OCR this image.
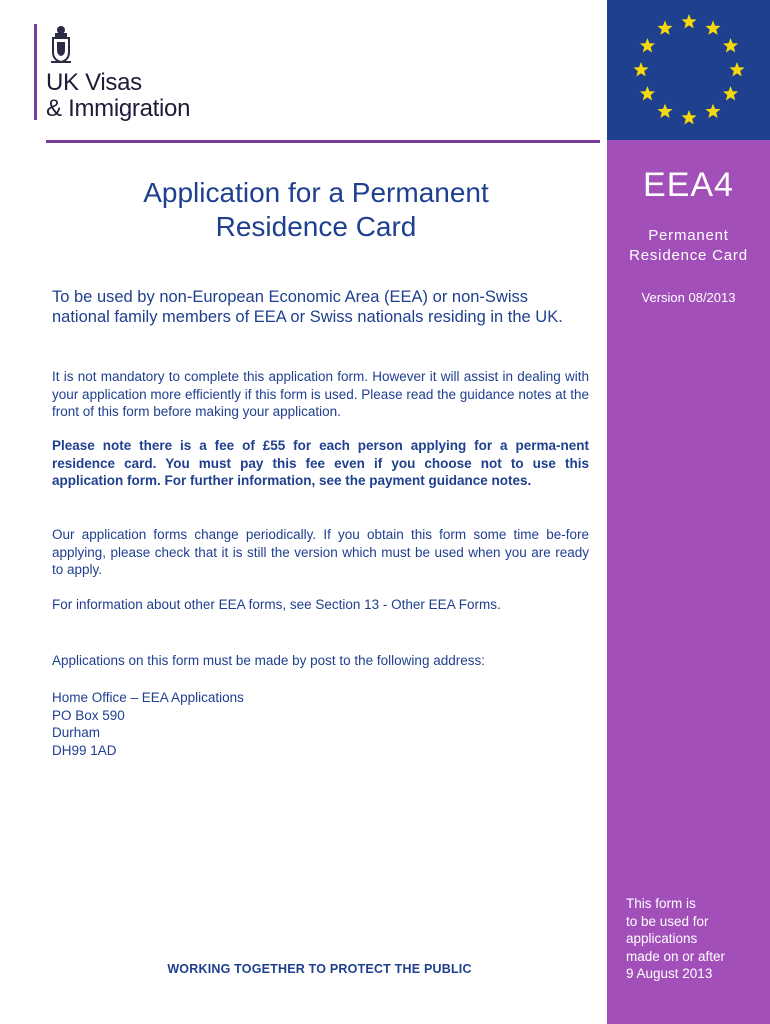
UK Visas
& Immigration
Application for a Permanent
Residence Card
To be used by non-European Economic Area (EEA) or non-Swiss national family members of EEA or Swiss nationals residing in the UK.
It is not mandatory to complete this application form. However it will assist in dealing with your application more efficiently if this form is used. Please read the guidance notes at the front of this form before making your application.
Please note there is a fee of £55 for each person applying for a perma-nent residence card. You must pay this fee even if you choose not to use this application form. For further information, see the payment guidance notes.
Our application forms change periodically. If you obtain this form some time be-fore applying, please check that it is still the version which must be used when you are ready to apply.
For information about other EEA forms, see Section 13 - Other EEA Forms.
Applications on this form must be made by post to the following address:
Home Office – EEA Applications
PO Box 590
Durham
DH99 1AD
WORKING TOGETHER TO PROTECT THE PUBLIC
EEA4
Permanent
Residence Card
Version 08/2013
This form is
to be used for
applications
made on or after
9 August 2013
